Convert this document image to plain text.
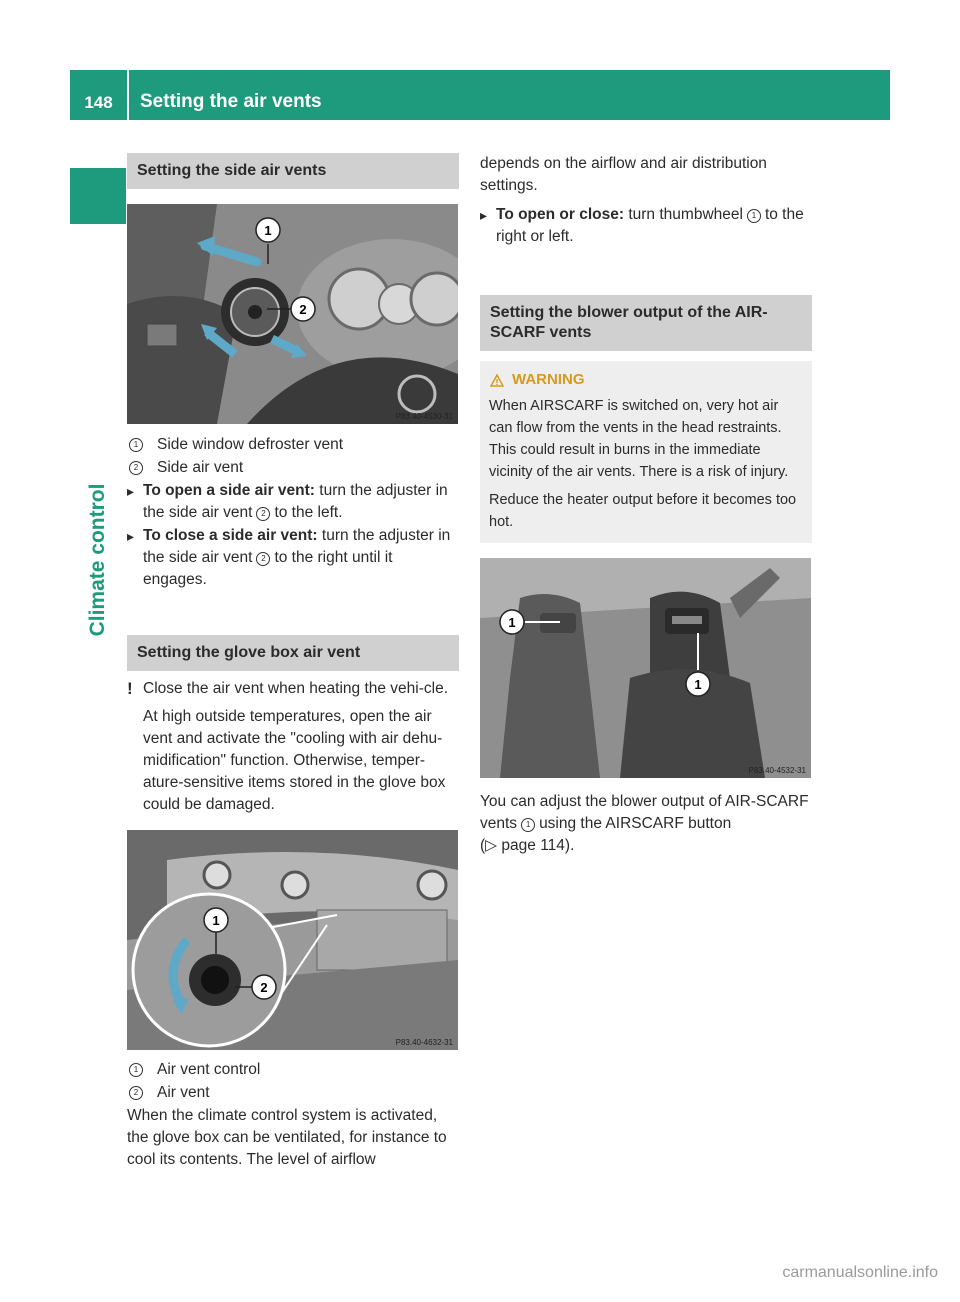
148	Setting the air vents
Climate control
Setting the side air vents
1
2
P83.40-4530-31
1	Side window defroster vent
2	Side air vent
▸ To open a side air vent: turn the adjuster in the side air vent 2 to the left.

▸ To close a side air vent: turn the adjuster in the side air vent 2 to the right until it engages.

Setting the glove box air vent
! Close the air vent when heating the vehi-cle.

At high outside temperatures, open the air vent and activate the "cooling with air dehu-midification" function. Otherwise, temper-ature-sensitive items stored in the glove box could be damaged.

1
2
P83.40-4632-31
1	Air vent control
2	Air vent

When the climate control system is activated, the glove box can be ventilated, for instance to cool its contents. The level of airflow

depends on the airflow and air distribution settings.

▸ To open or close: turn thumbwheel 1 to the right or left.

Setting the blower output of the AIR-SCARF vents
WARNING

When AIRSCARF is switched on, very hot air can flow from the vents in the head restraints. This could result in burns in the immediate vicinity of the air vents. There is a risk of injury.

Reduce the heater output before it becomes too hot.

1
1
P83.40-4532-31

You can adjust the blower output of AIR-SCARF vents 1 using the AIRSCARF button
(▷ page 114).

carmanualsonline.info
